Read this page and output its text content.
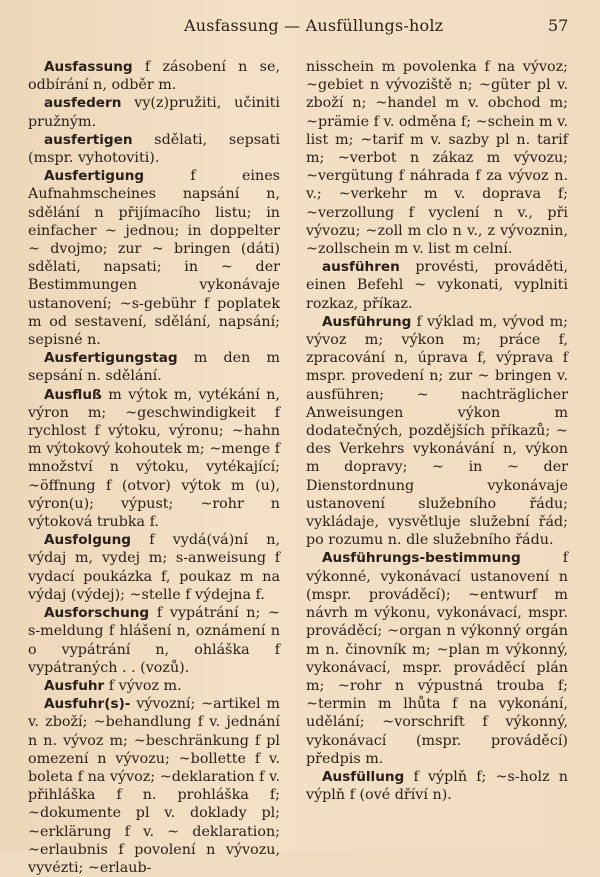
Ausfassung — Ausfüllungs-holz	57

Ausfassung f zásobení n se, odbírání n, odběr m.

ausfedern vy(z)pružiti, učiniti pružným.

ausfertigen sdělati, sepsati (mspr. vyhotoviti).

Ausfertigung f eines Aufnahmscheines napsání n, sdělání n přijímacího listu; in einfacher ~ jednou; in doppelter ~ dvojmo; zur ~ bringen (dáti) sdělati, napsati; in ~ der Bestimmungen vykonávaje ustanovení; ~s-gebühr f poplatek m od sestavení, sdělání, napsání; sepisné n.

Ausfertigungstag m den m sepsání n. sdělání.

Ausfluß m výtok m, vytékání n, výron m; ~geschwindigkeit f rychlost f výtoku, výronu; ~hahn m výtokový kohoutek m; ~menge f množství n výtoku, vytékající; ~öffnung f (otvor) výtok m (u), výron(u); výpust; ~rohr n výtoková trubka f.

Ausfolgung f vydá(vá)ní n, výdaj m, vydej m; s-anweisung f vydací poukázka f, poukaz m na výdaj (výdej); ~stelle f výdejna f.

Ausforschung f vypátrání n; ~ s-meldung f hlášení n, oznámení n o vypátrání n, ohláška f vypátraných . . (vozů).

Ausfuhr f vývoz m.

Ausfuhr(s)- vývozní; ~artikel m v. zboží; ~behandlung f v. jednání n n. vývoz m; ~beschränkung f pl omezení n vývozu; ~bollette f v. boleta f na vývoz; ~deklaration f v. přihláška f n. prohláška f; ~dokumente pl v. doklady pl; ~erklärung f v. ~ deklaration; ~erlaubnis f povolení n vývozu, vyvézti; ~erlaub-

nisschein m povolenka f na vývoz; ~gebiet n vývoziště n; ~güter pl v. zboží n; ~handel m v. obchod m; ~prämie f v. odměna f; ~schein m v. list m; ~tarif m v. sazby pl n. tarif m; ~verbot n zákaz m vývozu; ~vergütung f náhrada f za vývoz n. v.; ~verkehr m v. doprava f; ~verzollung f vyclení n v., při vývozu; ~zoll m clo n v., z vývoznin, ~zollschein m v. list m celní.

ausführen provésti, prováděti, einen Befehl ~ vykonati, vyplniti rozkaz, příkaz.

Ausführung f výklad m, vývod m; vývoz m; výkon m; práce f, zpracování n, úprava f, výprava f mspr. provedení n; zur ~ bringen v. ausführen; ~ nachträglicher Anweisungen výkon m dodatečných, pozdějších příkazů; ~ des Verkehrs vykonávání n, výkon m dopravy; ~ in ~ der Dienstordnung vykonávaje ustanovení služebního řádu; vykládaje, vysvětluje služební řád; po rozumu n. dle služebního řádu.

Ausführungs-bestimmung f výkonné, vykonávací ustanovení n (mspr. prováděcí); ~entwurf m návrh m výkonu, vykonávací, mspr. prováděcí; ~organ n výkonný orgán m n. činovník m; ~plan m výkonný, vykonávací, mspr. prováděcí plán m; ~rohr n výpustná trouba f; ~termin m lhůta f na vykonání, udělání; ~vorschrift f výkonný, vykonávací (mspr. prováděcí) předpis m.

Ausfüllung f výplň f; ~s-holz n výplň f (ové dříví n).
